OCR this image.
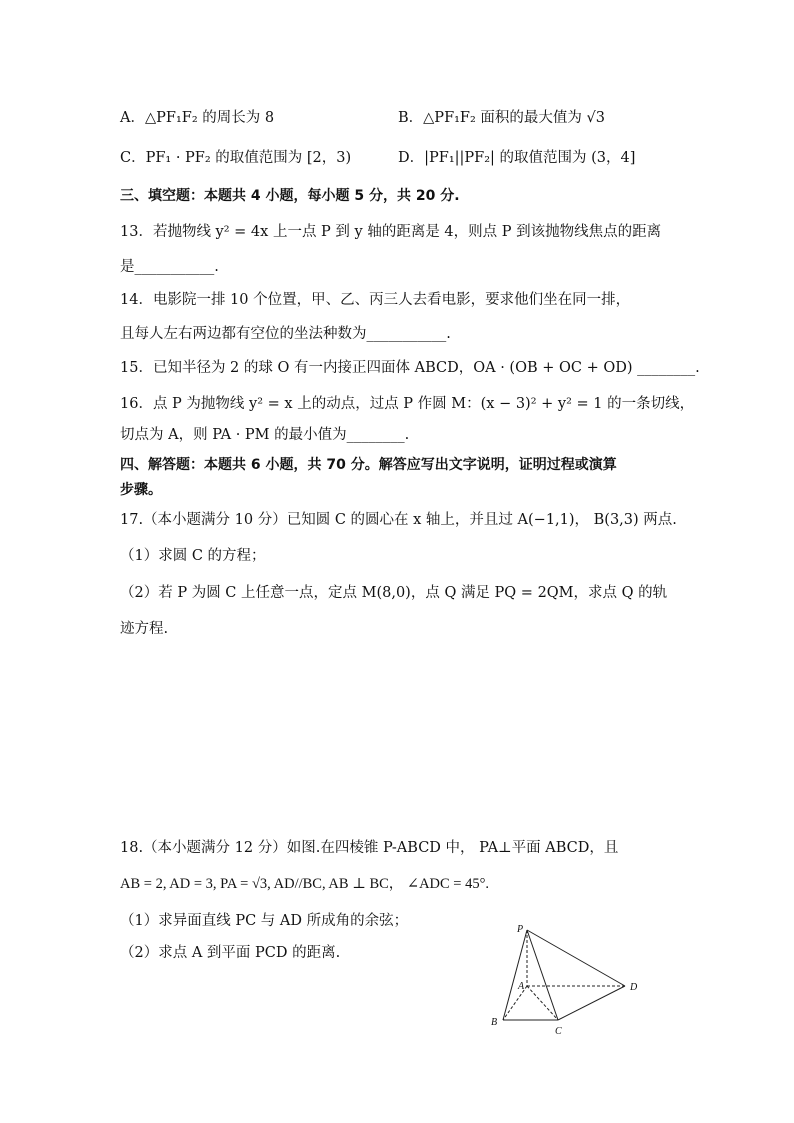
A．△PF₁F₂ 的周长为 8	B．△PF₁F₂ 面积的最大值为 √3
C．PF₁ · PF₂ 的取值范围为 [2，3)	D．|PF₁||PF₂| 的取值范围为 (3，4]
三、填空题：本题共 4 小题，每小题 5 分，共 20 分.
13．若抛物线 y² = 4x 上一点 P 到 y 轴的距离是 4，则点 P 到该抛物线焦点的距离
是___________.
14．电影院一排 10 个位置，甲、乙、丙三人去看电影，要求他们坐在同一排，
且每人左右两边都有空位的坐法种数为___________.
15．已知半径为 2 的球 O 有一内接正四面体 ABCD，OA · (OB + OC + OD) ________.
16．点 P 为抛物线 y² = x 上的动点，过点 P 作圆 M：(x − 3)² + y² = 1 的一条切线，
切点为 A，则 PA · PM 的最小值为________.
四、解答题：本题共 6 小题，共 70 分。解答应写出文字说明，证明过程或演算
步骤。
17.（本小题满分 10 分）已知圆 C 的圆心在 x 轴上，并且过 A(−1,1)， B(3,3) 两点.
（1）求圆 C 的方程；
（2）若 P 为圆 C 上任意一点，定点 M(8,0)，点 Q 满足 PQ = 2QM，求点 Q 的轨
迹方程.
18.（本小题满分 12 分）如图.在四棱锥 P-ABCD 中， PA⊥平面 ABCD，且
AB = 2, AD = 3, PA = √3, AD//BC, AB ⊥ BC， ∠ADC = 45°.
（1）求异面直线 PC 与 AD 所成角的余弦；
（2）求点 A 到平面 PCD 的距离.
P
A
B
C
D
